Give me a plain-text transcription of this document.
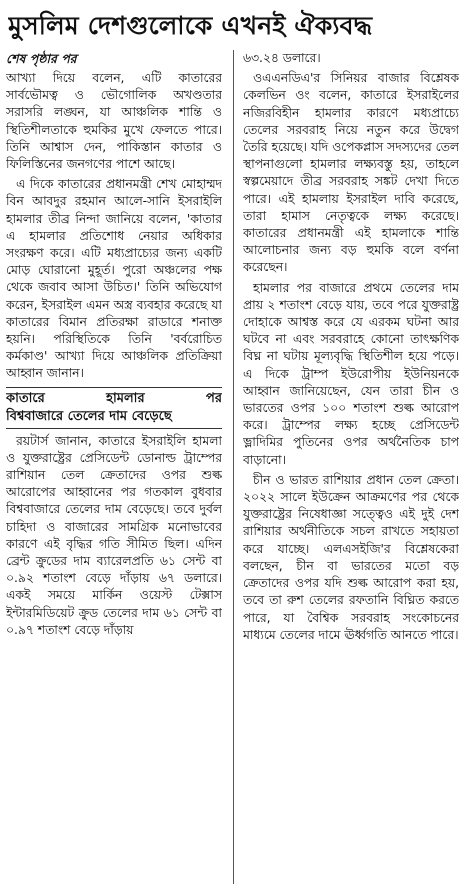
মুসলিম দেশগুলোকে এখনই ঐক্যবদ্ধ
শেষ পৃষ্ঠার পর

আখ্যা দিয়ে বলেন, এটি কাতারের সার্বভৌমত্ব ও ভৌগোলিক অখণ্ডতার সরাসরি লঙ্ঘন, যা আঞ্চলিক শান্তি ও স্থিতিশীলতাকে হুমকির মুখে ফেলতে পারে। তিনি আশ্বাস দেন, পাকিস্তান কাতার ও ফিলিস্তিনের জনগণের পাশে আছে।

এ দিকে কাতারের প্রধানমন্ত্রী শেখ মোহাম্মদ বিন আবদুর রহমান আলে-সানি ইসরাইলি হামলার তীব্র নিন্দা জানিয়ে বলেন, 'কাতার এ হামলার প্রতিশোধ নেয়ার অধিকার সংরক্ষণ করে। এটি মধ্যপ্রাচ্যের জন্য একটি মোড় ঘোরানো মুহূর্ত। পুরো অঞ্চলের পক্ষ থেকে জবাব আসা উচিত।' তিনি অভিযোগ করেন, ইসরাইল এমন অস্ত্র ব্যবহার করেছে যা কাতারের বিমান প্রতিরক্ষা রাডারে শনাক্ত হয়নি। পরিস্থিতিকে তিনি 'বর্বরোচিত কর্মকাণ্ড' আখ্যা দিয়ে আঞ্চলিক প্রতিক্রিয়া আহ্বান জানান।

কাতারে হামলার পর
বিশ্ববাজারে তেলের দাম বেড়েছে

রয়টার্স জানান, কাতারে ইসরাইলি হামলা ও যুক্তরাষ্ট্রের প্রেসিডেন্ট ডোনাল্ড ট্রাম্পের রাশিয়ান তেল ক্রেতাদের ওপর শুল্ক আরোপের আহ্বানের পর গতকাল বুধবার বিশ্ববাজারে তেলের দাম বেড়েছে। তবে দুর্বল চাহিদা ও বাজারের সামগ্রিক মনোভাবের কারণে এই বৃদ্ধির গতি সীমিত ছিল। এদিন ব্রেন্ট ক্রুডের দাম ব্যারেলপ্রতি ৬১ সেন্ট বা ০.৯২ শতাংশ বেড়ে দাঁড়ায় ৬৭ ডলারে। একই সময়ে মার্কিন ওয়েস্ট টেক্সাস ইন্টারমিডিয়েট ক্রুড তেলের দাম ৬১ সেন্ট বা ০.৯৭ শতাংশ বেড়ে দাঁড়ায়

৬৩.২৪ ডলারে।

ওএএনডিএ'র সিনিয়র বাজার বিশ্লেষক কেলভিন ওং বলেন, কাতারে ইসরাইলের নজিরবিহীন হামলার কারণে মধ্যপ্রাচ্যে তেলের সরবরাহ নিয়ে নতুন করে উদ্বেগ তৈরি হয়েছে। যদি ওপেকপ্লাস সদস্যদের তেল স্থাপনাগুলো হামলার লক্ষ্যবস্তু হয়, তাহলে স্বল্পমেয়াদে তীব্র সরবরাহ সঙ্কট দেখা দিতে পারে। এই হামলায় ইসরাইল দাবি করেছে, তারা হামাস নেতৃত্বকে লক্ষ্য করেছে। কাতারের প্রধানমন্ত্রী এই হামলাকে শান্তি আলোচনার জন্য বড় হুমকি বলে বর্ণনা করেছেন।

হামলার পর বাজারে প্রথমে তেলের দাম প্রায় ২ শতাংশ বেড়ে যায়, তবে পরে যুক্তরাষ্ট্র দোহাকে আশ্বস্ত করে যে এরকম ঘটনা আর ঘটবে না এবং সরবরাহে কোনো তাৎক্ষণিক বিঘ্ন না ঘটায় মূল্যবৃদ্ধি স্থিতিশীল হয়ে পড়ে। এ দিকে ট্রাম্প ইউরোপীয় ইউনিয়নকে আহ্বান জানিয়েছেন, যেন তারা চীন ও ভারতের ওপর ১০০ শতাংশ শুল্ক আরোপ করে। ট্রাম্পের লক্ষ্য হচ্ছে প্রেসিডেন্ট ভ্লাদিমির পুতিনের ওপর অর্থনৈতিক চাপ বাড়ানো।

চীন ও ভারত রাশিয়ার প্রধান তেল ক্রেতা। ২০২২ সালে ইউক্রেন আক্রমণের পর থেকে যুক্তরাষ্ট্রের নিষেধাজ্ঞা সত্ত্বেও এই দুই দেশ রাশিয়ার অর্থনীতিকে সচল রাখতে সহায়তা করে যাচ্ছে। এলএসইজি'র বিশ্লেষকেরা বলছেন, চীন বা ভারতের মতো বড় ক্রেতাদের ওপর যদি শুল্ক আরোপ করা হয়, তবে তা রুশ তেলের রফতানি বিঘ্নিত করতে পারে, যা বৈশ্বিক সরবরাহ সংকোচনের মাধ্যমে তেলের দামে ঊর্ধ্বগতি আনতে পারে।
